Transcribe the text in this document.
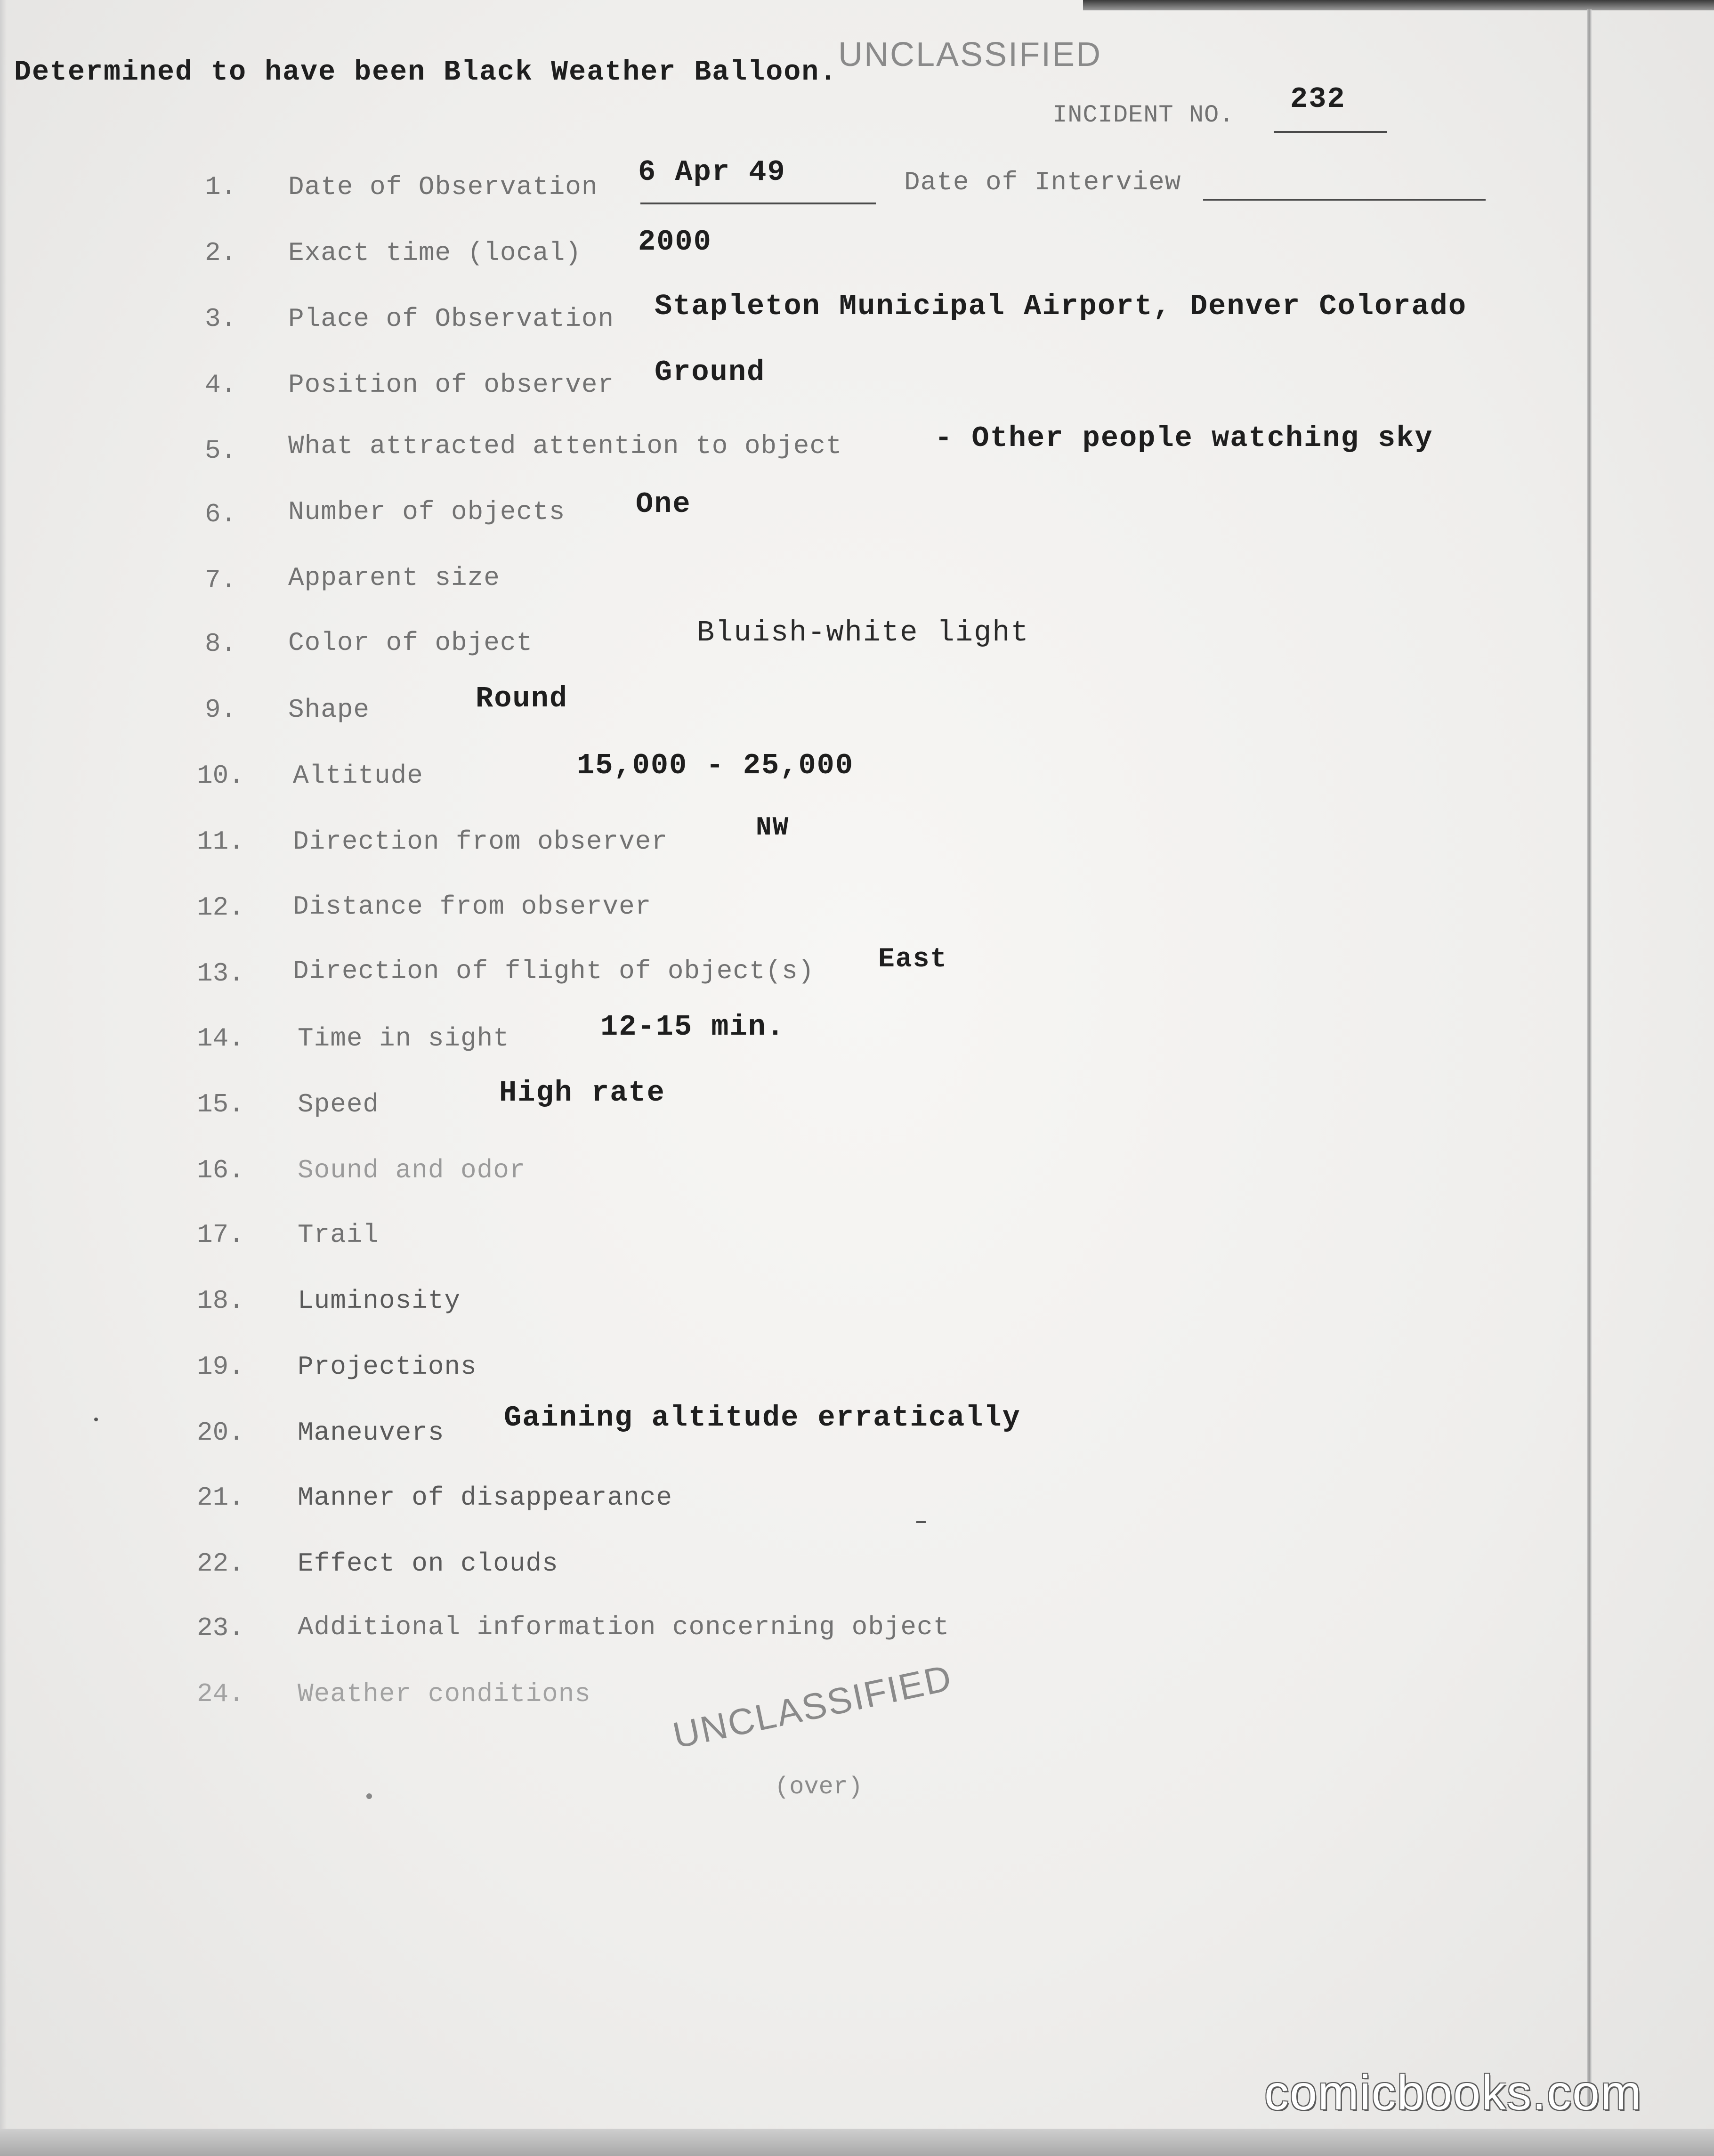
Determined to have been Black Weather Balloon. UNCLASSIFIED
INCIDENT NO. 232
1. Date of Observation 6 Apr 49	Date of Interview
2. Exact time (local) 2000
3. Place of Observation Stapleton Municipal Airport, Denver Colorado
4. Position of observer Ground
5. What attracted attention to object	- Other people watching sky
6. Number of objects One
7. Apparent size
8. Color of object	Bluish-white light
9. Shape	Round
10. Altitude	15,000 - 25,000
11. Direction from observer	NW
12. Distance from observer
13. Direction of flight of object(s) East
14. Time in sight	12-15 min.
15. Speed	High rate
16. Sound and odor
17. Trail
18. Luminosity
19. Projections
20. Maneuvers Gaining altitude erratically
21. Manner of disappearance
22. Effect on clouds
23. Additional information concerning object
24. Weather conditions UNCLASSIFIED
(over)
comicbooks.com
